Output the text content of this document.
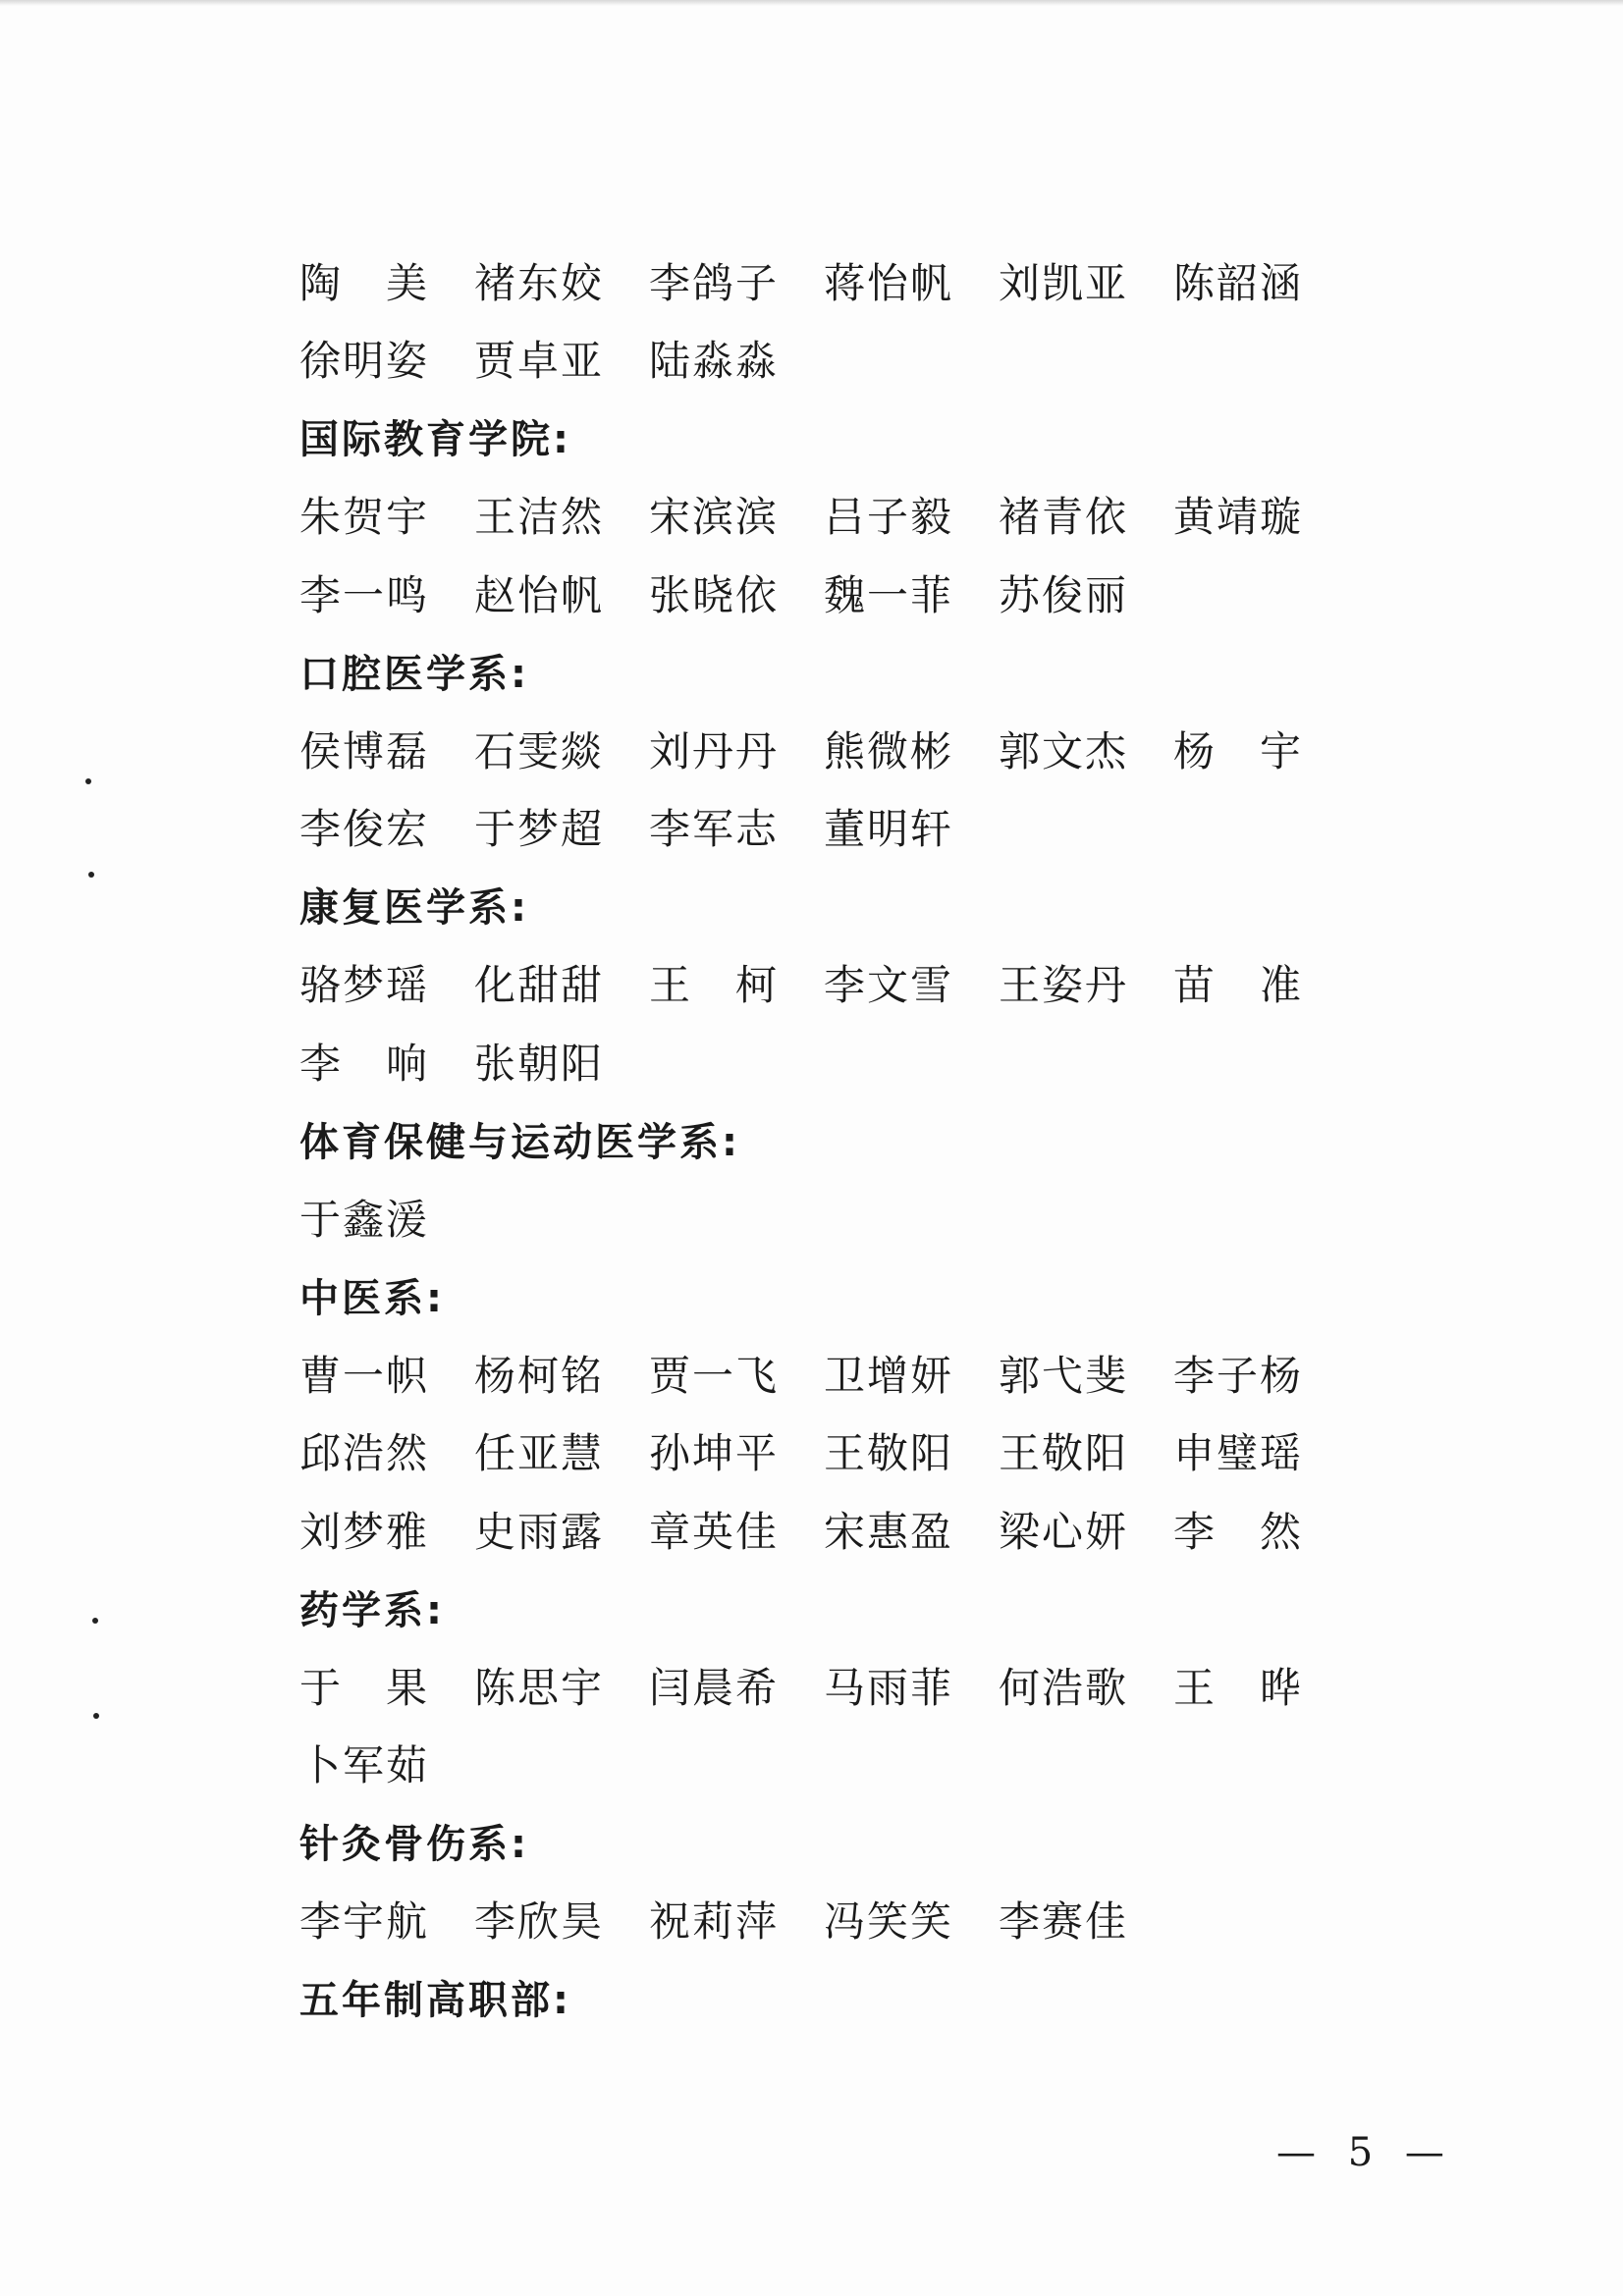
陶　美	褚东姣	李鸽子	蒋怡帆	刘凯亚	陈韶涵
徐明姿	贾卓亚	陆淼淼
国际教育学院:
朱贺宇	王洁然	宋滨滨	吕子毅	褚青依	黄靖璇
李一鸣	赵怡帆	张晓依	魏一菲	苏俊丽
口腔医学系:
侯博磊	石雯燚	刘丹丹	熊微彬	郭文杰	杨　宇
李俊宏	于梦超	李军志	董明轩
康复医学系:
骆梦瑶	化甜甜	王　柯	李文雪	王姿丹	苗　准
李　响	张朝阳
体育保健与运动医学系:
于鑫湲
中医系:
曹一帜	杨柯铭	贾一飞	卫增妍	郭弋斐	李子杨
邱浩然	任亚慧	孙坤平	王敬阳	王敬阳	申璧瑶
刘梦雅	史雨露	章英佳	宋惠盈	梁心妍	李　然
药学系:
于　果	陈思宇	闫晨希	马雨菲	何浩歌	王　晔
卜军茹
针灸骨伤系:
李宇航	李欣昊	祝莉萍	冯笑笑	李赛佳
五年制高职部:
— 5 —
